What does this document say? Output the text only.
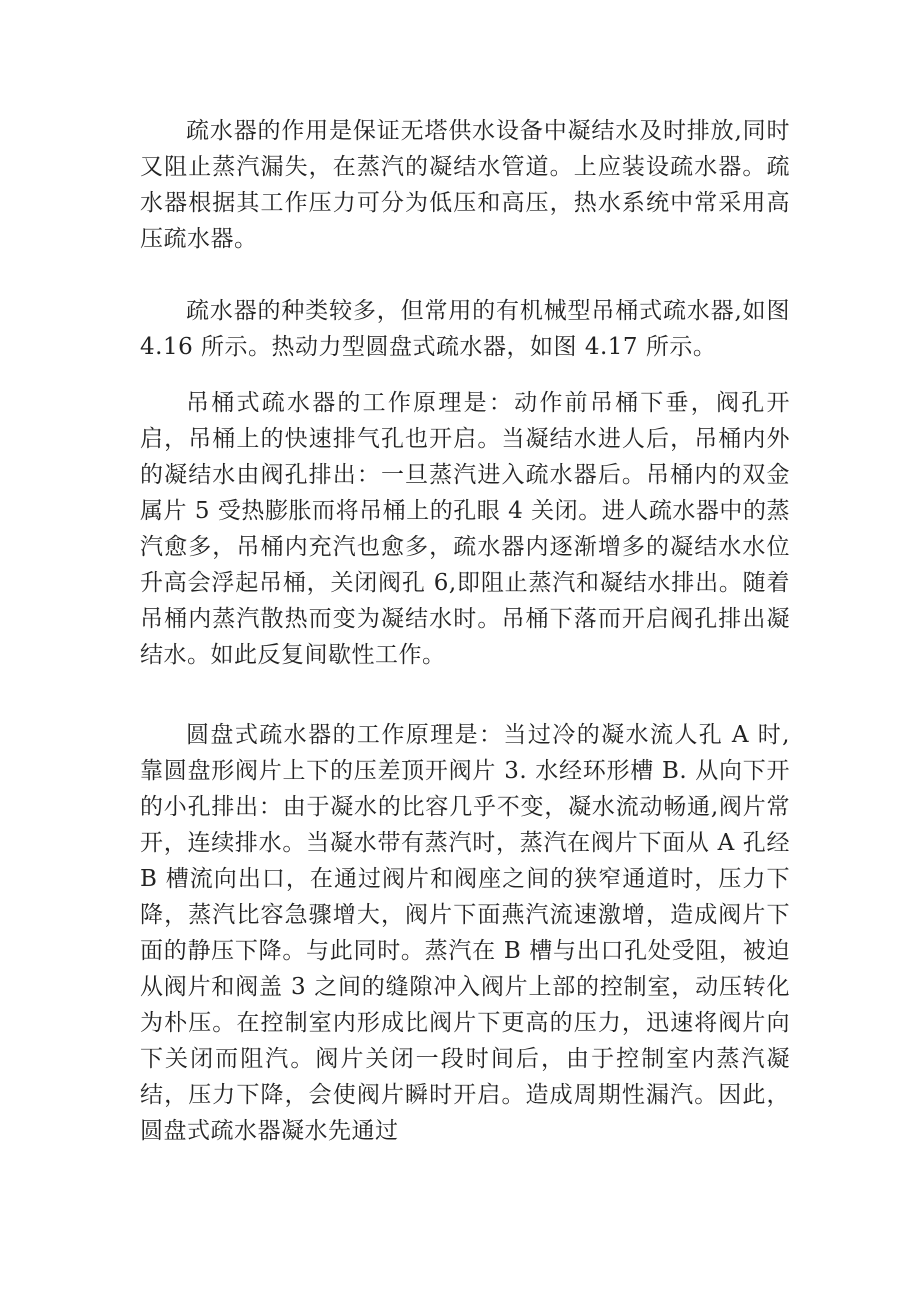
疏水器的作用是保证无塔供水设备中凝结水及时排放,同时又阻止蒸汽漏失，在蒸汽的凝结水管道。上应装设疏水器。疏水器根据其工作压力可分为低压和高压，热水系统中常采用高压疏水器。

疏水器的种类较多，但常用的有机械型吊桶式疏水器,如图4.16 所示。热动力型圆盘式疏水器，如图 4.17 所示。

吊桶式疏水器的工作原理是：动作前吊桶下垂，阀孔开启，吊桶上的快速排气孔也开启。当凝结水进人后，吊桶内外的凝结水由阀孔排出：一旦蒸汽进入疏水器后。吊桶内的双金属片 5 受热膨胀而将吊桶上的孔眼 4 关闭。进人疏水器中的蒸汽愈多，吊桶内充汽也愈多，疏水器内逐渐增多的凝结水水位升高会浮起吊桶，关闭阀孔 6,即阻止蒸汽和凝结水排出。随着吊桶内蒸汽散热而变为凝结水时。吊桶下落而开启阀孔排出凝结水。如此反复间歇性工作。

圆盘式疏水器的工作原理是：当过冷的凝水流人孔 A 时,靠圆盘形阀片上下的压差顶开阀片 3. 水经环形槽 B. 从向下开的小孔排出：由于凝水的比容几乎不变，凝水流动畅通,阀片常开，连续排水。当凝水带有蒸汽时，蒸汽在阀片下面从 A 孔经 B 槽流向出口，在通过阀片和阀座之间的狭窄通道时，压力下降，蒸汽比容急骤增大，阀片下面燕汽流速激增，造成阀片下面的静压下降。与此同时。蒸汽在 B 槽与出口孔处受阻，被迫从阀片和阀盖 3 之间的缝隙冲入阀片上部的控制室，动压转化为朴压。在控制室内形成比阀片下更高的压力，迅速将阀片向下关闭而阻汽。阀片关闭一段时间后，由于控制室内蒸汽凝结，压力下降，会使阀片瞬时开启。造成周期性漏汽。因此，圆盘式疏水器凝水先通过
